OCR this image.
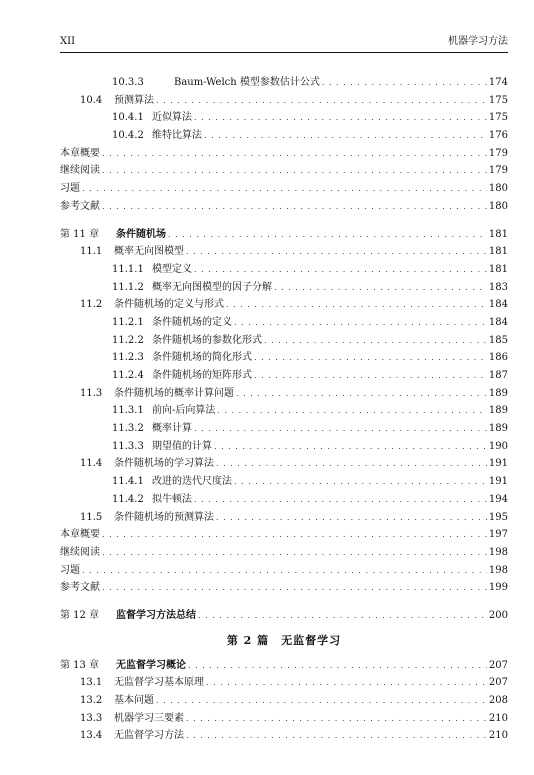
XII	机器学习方法
10.3.3	Baum-Welch 模型参数估计公式 . . .	174
10.4	预测算法 . . .	175
10.4.1 近似算法 . . .	175
10.4.2 维特比算法 . . .	176
本章概要 . . .	179
继续阅读 . . .	179
习题 . . .	180
参考文献 . . .	180
第 11 章	条件随机场 . . .	181
11.1	概率无向图模型 . . .	181
11.1.1 模型定义 . . .	181
11.1.2 概率无向图模型的因子分解 . . .	183
11.2	条件随机场的定义与形式 . . .	184
11.2.1 条件随机场的定义 . . .	184
11.2.2 条件随机场的参数化形式 . . .	185
11.2.3 条件随机场的简化形式 . . .	186
11.2.4 条件随机场的矩阵形式 . . .	187
11.3	条件随机场的概率计算问题 . . .	189
11.3.1 前向-后向算法 . . .	189
11.3.2 概率计算 . . .	189
11.3.3 期望值的计算 . . .	190
11.4	条件随机场的学习算法 . . .	191
11.4.1 改进的迭代尺度法 . . .	191
11.4.2 拟牛顿法 . . .	194
11.5	条件随机场的预测算法 . . .	195
本章概要 . . .	197
继续阅读 . . .	198
习题 . . .	198
参考文献 . . .	199
第 12 章	监督学习方法总结 . . .	200
第 2 篇　无监督学习
第 13 章	无监督学习概论 . . .	207
13.1	无监督学习基本原理 . . .	207
13.2	基本问题 . . .	208
13.3	机器学习三要素 . . .	210
13.4	无监督学习方法 . . .	210
